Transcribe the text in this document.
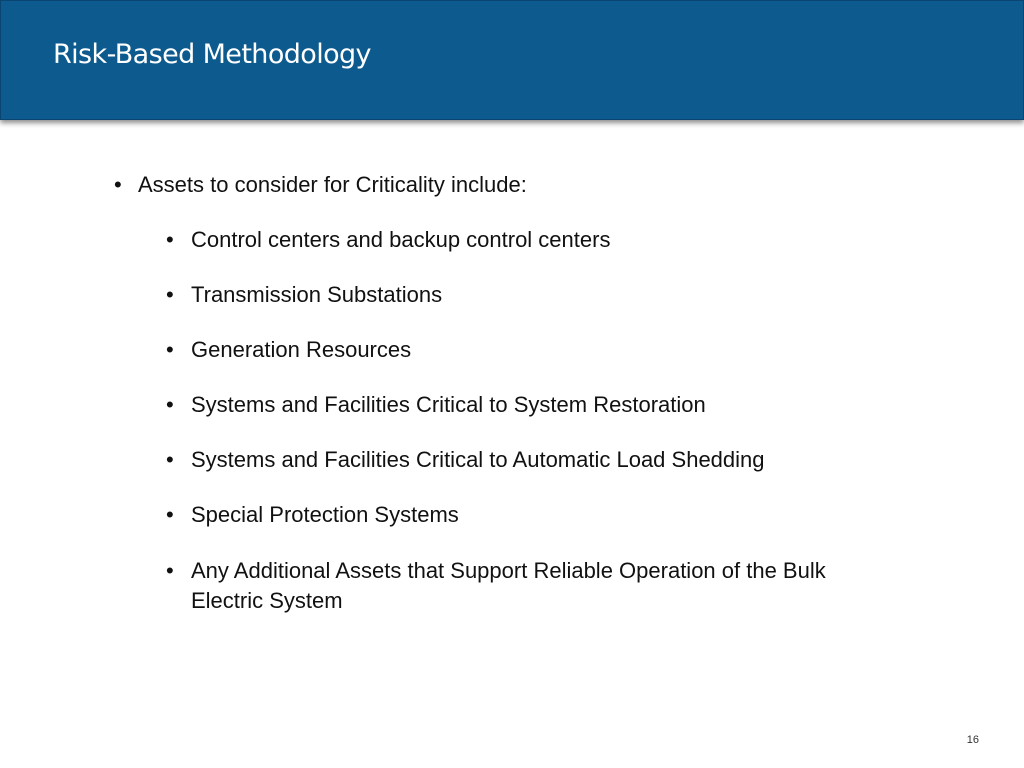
Risk-Based Methodology
• Assets to consider for Criticality include:
• Control centers and backup control centers
• Transmission Substations
• Generation Resources
• Systems and Facilities Critical to System Restoration
• Systems and Facilities Critical to Automatic Load Shedding
• Special Protection Systems
• Any Additional Assets that Support Reliable Operation of the Bulk Electric System
16
